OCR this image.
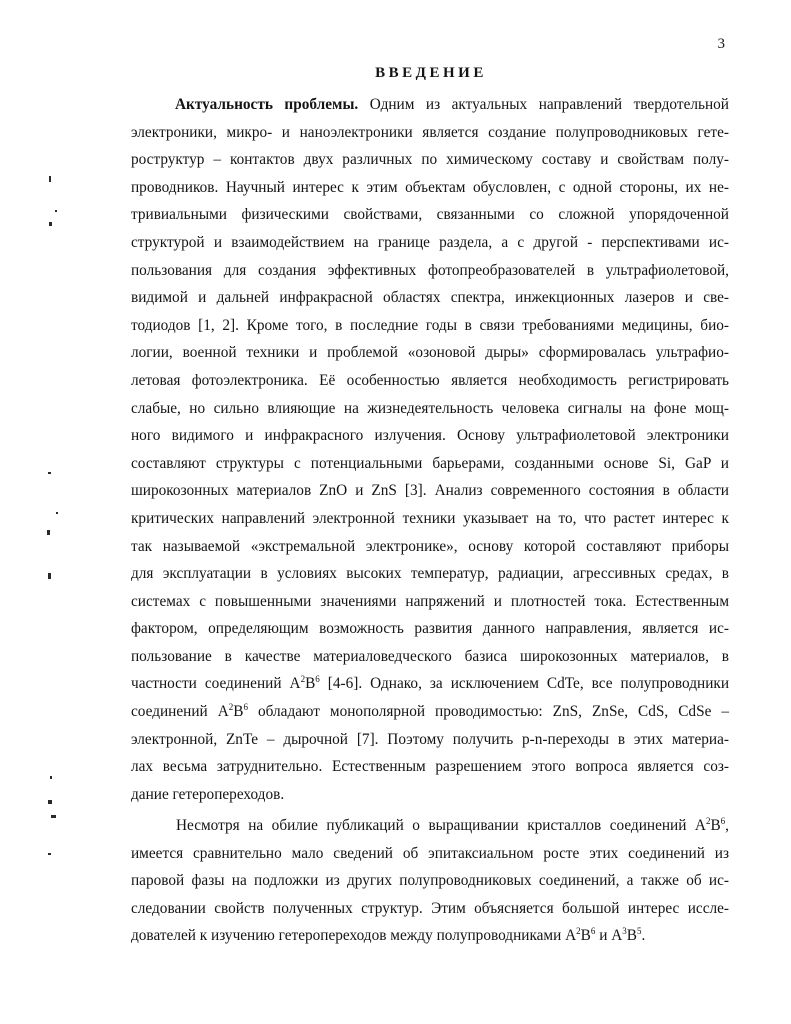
3
ВВЕДЕНИЕ
Актуальность проблемы. Одним из актуальных направлений твердотельной
электроники, микро- и наноэлектроники является создание полупроводниковых гете-
роструктур – контактов двух различных по химическому составу и свойствам полу-
проводников. Научный интерес к этим объектам обусловлен, с одной стороны, их не-
тривиальными физическими свойствами, связанными со сложной упорядоченной
структурой и взаимодействием на границе раздела, а с другой - перспективами ис-
пользования для создания эффективных фотопреобразователей в ультрафиолетовой,
видимой и дальней инфракрасной областях спектра, инжекционных лазеров и све-
тодиодов [1, 2]. Кроме того, в последние годы в связи требованиями медицины, био-
логии, военной техники и проблемой «озоновой дыры» сформировалась ультрафио-
летовая фотоэлектроника. Её особенностью является необходимость регистрировать
слабые, но сильно влияющие на жизнедеятельность человека сигналы на фоне мощ-
ного видимого и инфракрасного излучения. Основу ультрафиолетовой электроники
составляют структуры с потенциальными барьерами, созданными основе Si, GaP и
широкозонных материалов ZnO и ZnS [3]. Анализ современного состояния в области
критических направлений электронной техники указывает на то, что растет интерес к
так называемой «экстремальной электронике», основу которой составляют приборы
для эксплуатации в условиях высоких температур, радиации, агрессивных средах, в
системах с повышенными значениями напряжений и плотностей тока. Естественным
фактором, определяющим возможность развития данного направления, является ис-
пользование в качестве материаловедческого базиса широкозонных материалов, в
частности соединений $A^2B^6$ [4-6]. Однако, за исключением CdTe, все полупроводники
соединений $A^2B^6$ обладают монополярной проводимостью: ZnS, ZnSe, CdS, CdSe –
электронной, ZnTe – дырочной [7]. Поэтому получить p-n-переходы в этих материа-
лах весьма затруднительно. Естественным разрешением этого вопроса является соз-
дание гетеропереходов.
Несмотря на обилие публикаций о выращивании кристаллов соединений $A^2B^6$,
имеется сравнительно мало сведений об эпитаксиальном росте этих соединений из
паровой фазы на подложки из других полупроводниковых соединений, а также об ис-
следовании свойств полученных структур. Этим объясняется большой интерес иссле-
дователей к изучению гетеропереходов между полупроводниками $A^2B^6$ и $A^3B^5$.
